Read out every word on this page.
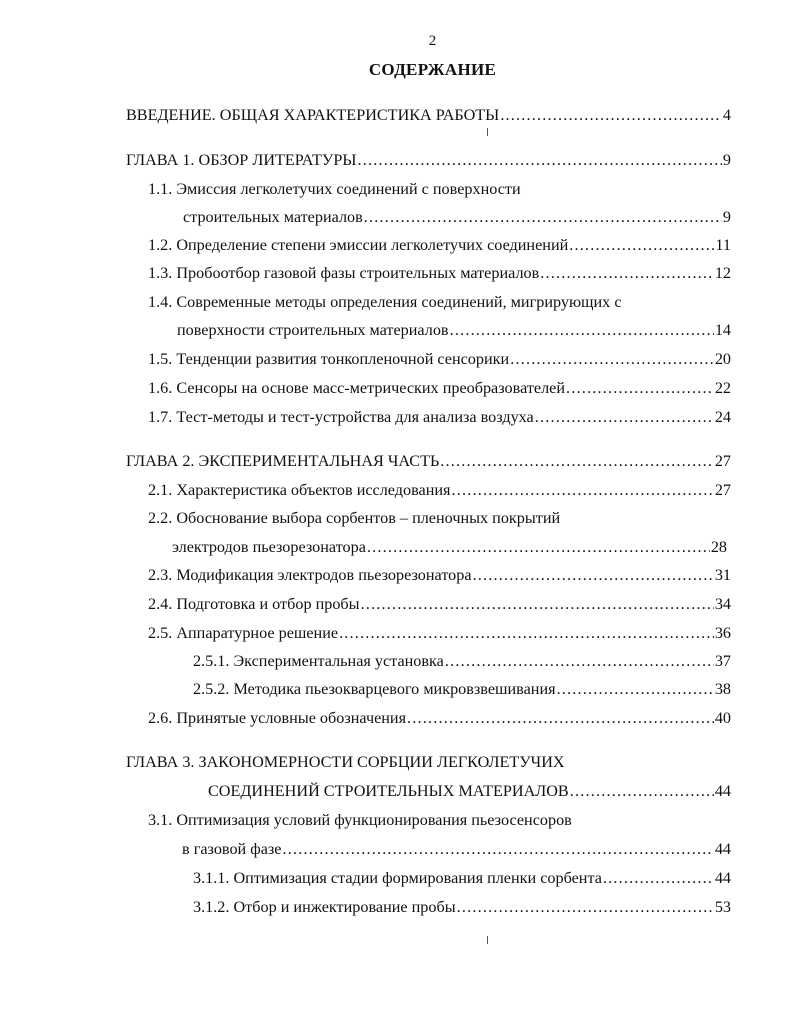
2
СОДЕРЖАНИЕ
ВВЕДЕНИЕ. ОБЩАЯ ХАРАКТЕРИСТИКА РАБОТЫ .....	4
ГЛАВА 1. ОБЗОР ЛИТЕРАТУРЫ .....	9
1.1. Эмиссия легколетучих соединений с поверхности
строительных материалов .....	9
1.2. Определение степени эмиссии легколетучих соединений .....	11
1.3. Пробоотбор газовой фазы строительных материалов .....	12
1.4. Современные методы определения соединений, мигрирующих с
поверхности строительных материалов .....	14
1.5. Тенденции развития тонкопленочной сенсорики .....	20
1.6. Сенсоры на основе масс-метрических преобразователей .....	22
1.7. Тест-методы и тест-устройства для анализа воздуха .....	24
ГЛАВА 2. ЭКСПЕРИМЕНТАЛЬНАЯ ЧАСТЬ .....	27
2.1. Характеристика объектов исследования .....	27
2.2. Обоснование выбора сорбентов – пленочных покрытий
электродов пьезорезонатора .....	28
2.3. Модификация электродов пьезорезонатора .....	31
2.4. Подготовка и отбор пробы .....	34
2.5. Аппаратурное решение .....	36
2.5.1. Экспериментальная установка .....	37
2.5.2. Методика пьезокварцевого микровзвешивания .....	38
2.6. Принятые условные обозначения .....	40
ГЛАВА 3. ЗАКОНОМЕРНОСТИ СОРБЦИИ ЛЕГКОЛЕТУЧИХ
СОЕДИНЕНИЙ СТРОИТЕЛЬНЫХ МАТЕРИАЛОВ .....	44
3.1. Оптимизация условий функционирования пьезосенсоров
в газовой фазе .....	44
3.1.1. Оптимизация стадии формирования пленки сорбента .....	44
3.1.2. Отбор и инжектирование пробы .....	53
